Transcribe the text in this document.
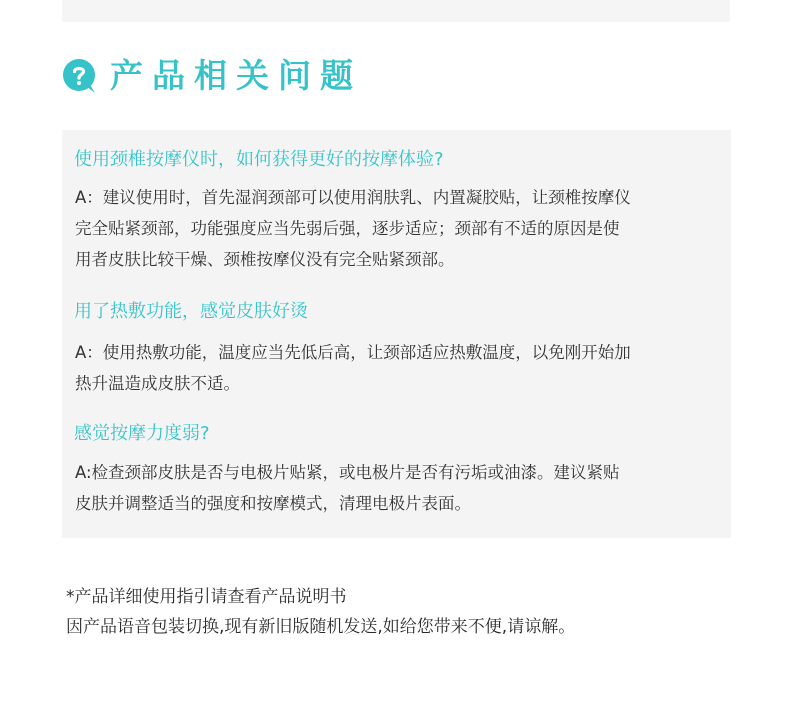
产品相关问题
使用颈椎按摩仪时，如何获得更好的按摩体验?
A：建议使用时，首先湿润颈部可以使用润肤乳、内置凝胶贴，让颈椎按摩仪
完全贴紧颈部，功能强度应当先弱后强，逐步适应；颈部有不适的原因是使
用者皮肤比较干燥、颈椎按摩仪没有完全贴紧颈部。
用了热敷功能，感觉皮肤好烫
A：使用热敷功能，温度应当先低后高，让颈部适应热敷温度，以免刚开始加
热升温造成皮肤不适。
感觉按摩力度弱?
A:检查颈部皮肤是否与电极片贴紧，或电极片是否有污垢或油漆。建议紧贴
皮肤并调整适当的强度和按摩模式，清理电极片表面。
*产品详细使用指引请查看产品说明书
因产品语音包装切换,现有新旧版随机发送,如给您带来不便,请谅解。
